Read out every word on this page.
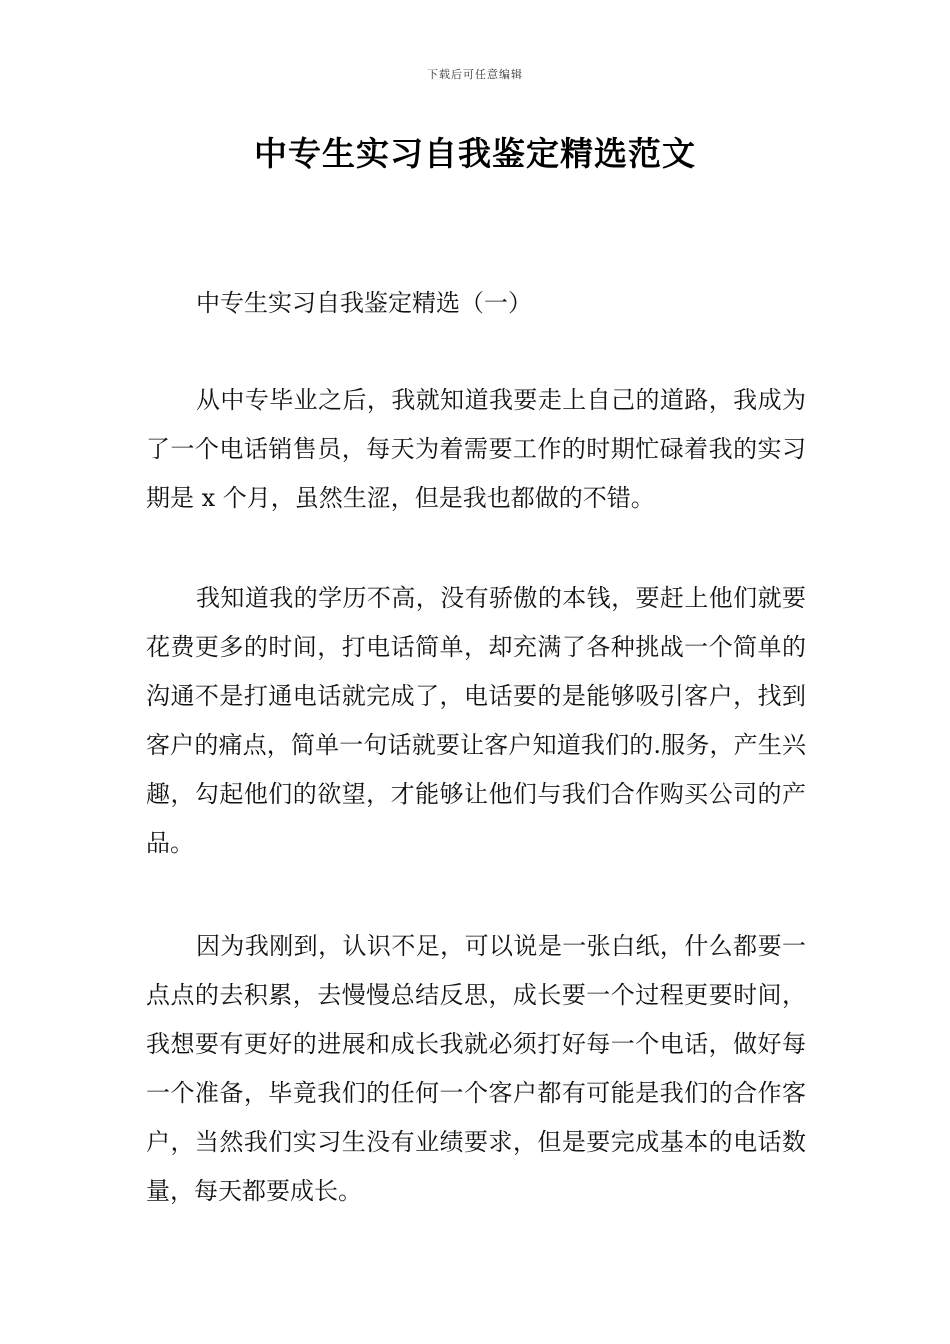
下载后可任意编辑
中专生实习自我鉴定精选范文
中专生实习自我鉴定精选（一）

从中专毕业之后，我就知道我要走上自己的道路，我成为了一个电话销售员，每天为着需要工作的时期忙碌着我的实习期是 x 个月，虽然生涩，但是我也都做的不错。

我知道我的学历不高，没有骄傲的本钱，要赶上他们就要花费更多的时间，打电话简单，却充满了各种挑战一个简单的沟通不是打通电话就完成了，电话要的是能够吸引客户，找到客户的痛点，简单一句话就要让客户知道我们的.服务，产生兴趣，勾起他们的欲望，才能够让他们与我们合作购买公司的产品。

因为我刚到，认识不足，可以说是一张白纸，什么都要一点点的去积累，去慢慢总结反思，成长要一个过程更要时间，我想要有更好的进展和成长我就必须打好每一个电话，做好每一个准备，毕竟我们的任何一个客户都有可能是我们的合作客户，当然我们实习生没有业绩要求，但是要完成基本的电话数量，每天都要成长。
